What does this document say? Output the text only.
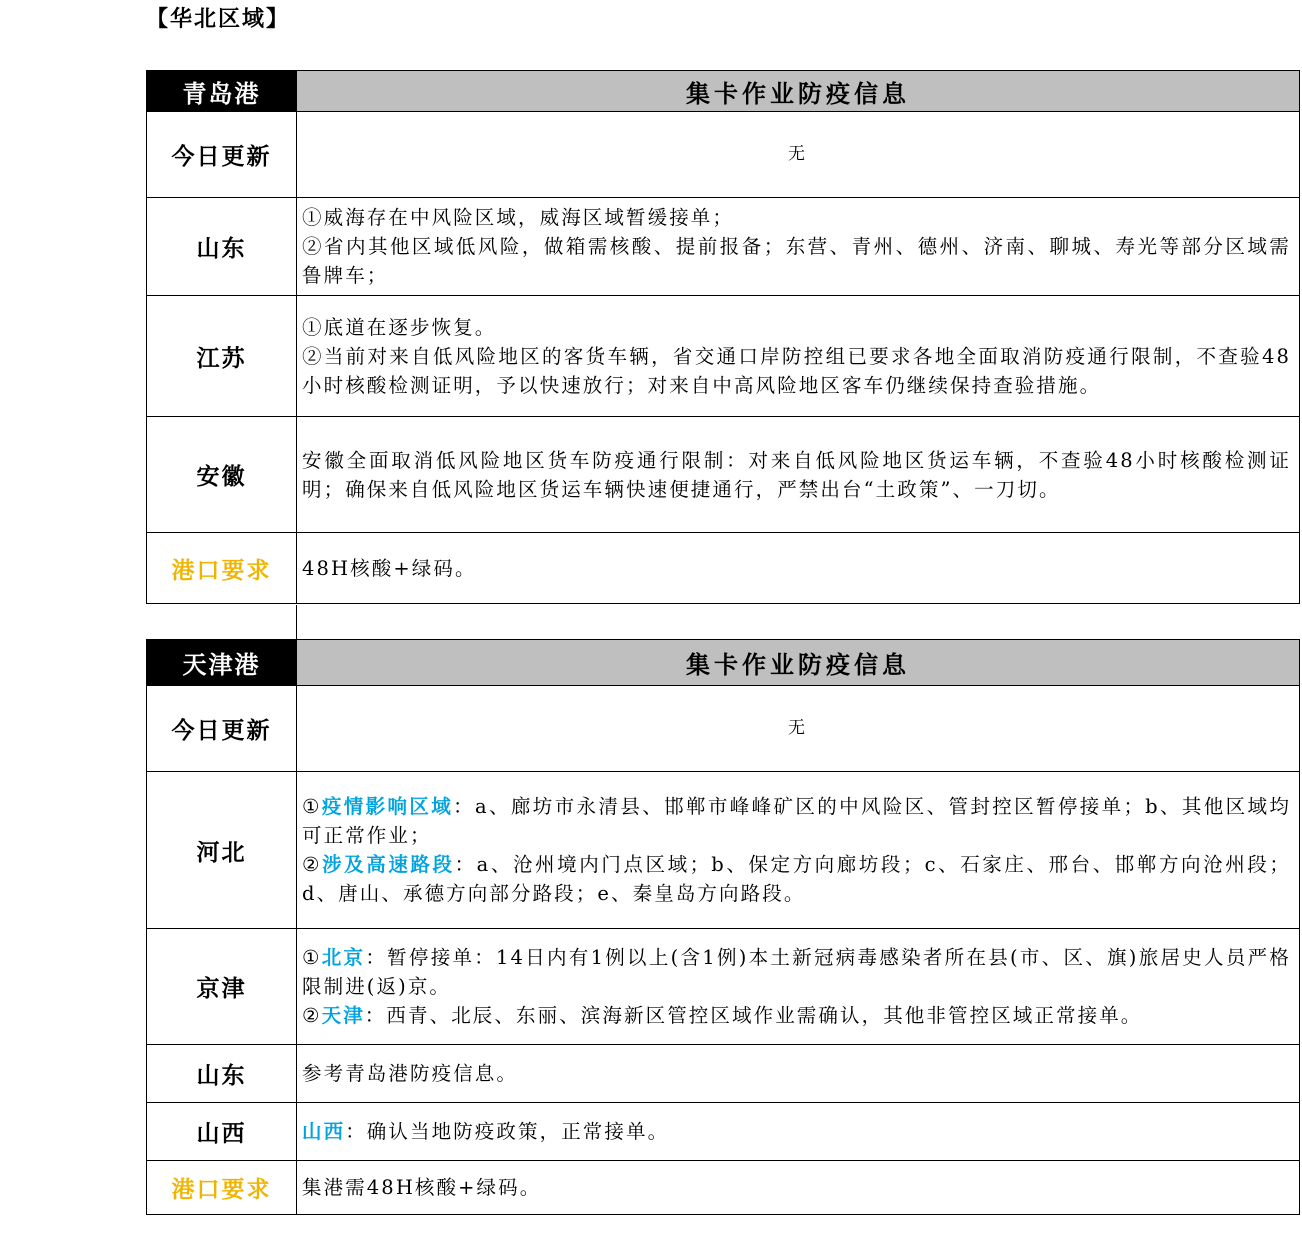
【华北区域】
青岛港	集卡作业防疫信息
今日更新	无

山东	①威海存在中风险区域，威海区域暂缓接单；
②省内其他区域低风险，做箱需核酸、提前报备；东营、青州、德州、济南、聊城、寿光等部分区域需鲁牌车；

江苏	①底道在逐步恢复。
②当前对来自低风险地区的客货车辆，省交通口岸防控组已要求各地全面取消防疫通行限制，不查验48小时核酸检测证明，予以快速放行；对来自中高风险地区客车仍继续保持查验措施。

安徽	安徽全面取消低风险地区货车防疫通行限制：对来自低风险地区货运车辆，不查验48小时核酸检测证明；确保来自低风险地区货运车辆快速便捷通行，严禁出台“土政策”、一刀切。

港口要求	48H核酸+绿码。
天津港	集卡作业防疫信息
今日更新	无

河北	①疫情影响区域：a、廊坊市永清县、邯郸市峰峰矿区的中风险区、管封控区暂停接单；b、其他区域均可正常作业；
②涉及高速路段：a、沧州境内门点区域；b、保定方向廊坊段；c、石家庄、邢台、邯郸方向沧州段；d、唐山、承德方向部分路段；e、秦皇岛方向路段。

京津	①北京：暂停接单：14日内有1例以上(含1例)本土新冠病毒感染者所在县(市、区、旗)旅居史人员严格限制进(返)京。
②天津：西青、北辰、东丽、滨海新区管控区域作业需确认，其他非管控区域正常接单。

山东	参考青岛港防疫信息。

山西	山西：确认当地防疫政策，正常接单。

港口要求	集港需48H核酸+绿码。
